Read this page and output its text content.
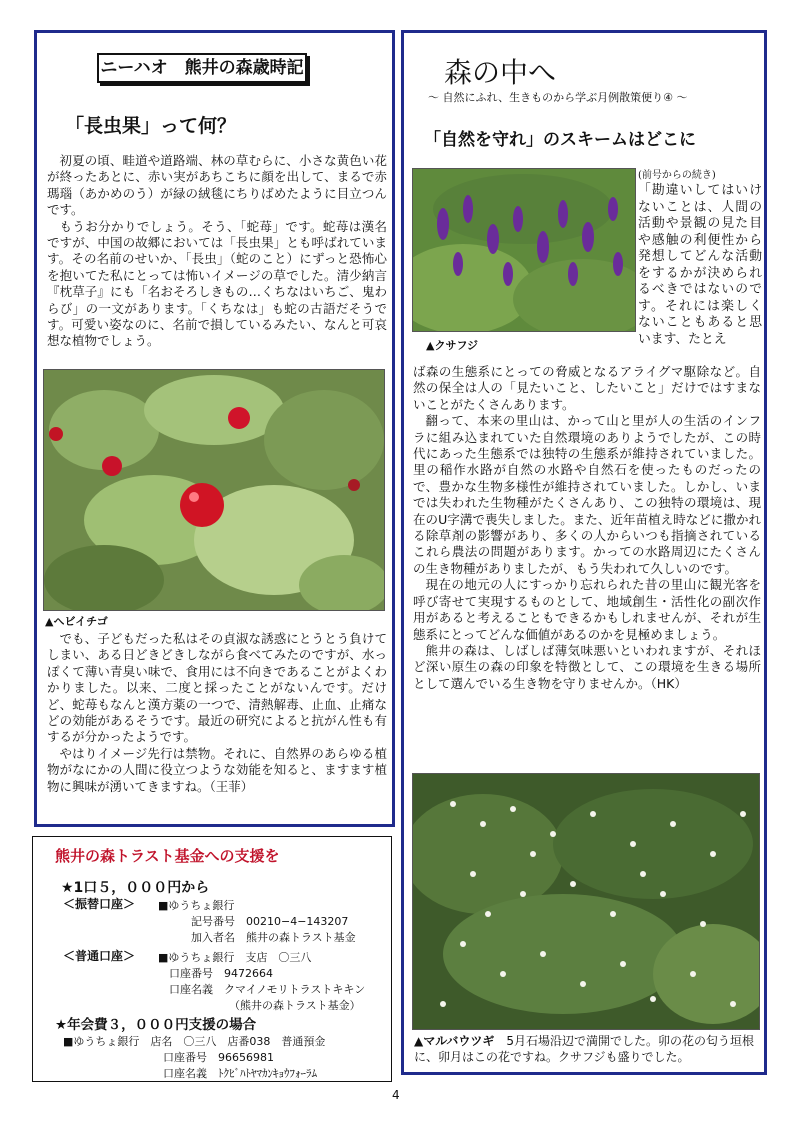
ニーハオ　熊井の森歳時記
「長虫果」って何？

初夏の頃、畦道や道路端、林の草むらに、小さな黄色い花が終ったあとに、赤い実があちこちに顔を出して、まるで赤瑪瑙（あかめのう）が緑の絨毯にちりばめたように目立つんです。

もうお分かりでしょう。そう、「蛇苺」です。蛇苺は漢名ですが、中国の故郷においては「長虫果」とも呼ばれています。その名前のせいか、「長虫」（蛇のこと）にずっと恐怖心を抱いてた私にとっては怖いイメージの草でした。清少納言『枕草子』にも「名おそろしきもの…くちなはいちご、鬼わらび」の一文があります。「くちなは」も蛇の古語だそうです。可愛い姿なのに、名前で損しているみたい、なんと可哀想な植物でしょう。

▲ヘビイチゴ

でも、子どもだった私はその貞淑な誘惑にとうとう負けてしまい、ある日どきどきしながら食べてみたのですが、水っぽくて薄い青臭い味で、食用には不向きであることがよくわかりました。以来、二度と採ったことがないんです。だけど、蛇苺もなんと漢方薬の一つで、清熱解毒、止血、止痛などの効能があるそうです。最近の研究によると抗がん性も有するが分かったようです。

やはりイメージ先行は禁物。それに、自然界のあらゆる植物がなにかの人間に役立つような効能を知ると、ますます植物に興味が湧いてきますね。（王菲）

熊井の森トラスト基金への支援を
★1口５，０００円から
＜振替口座＞ ■ゆうちょ銀行
記号番号　00210−4−143207
加入者名　熊井の森トラスト基金
＜普通口座＞ ■ゆうちょ銀行　支店　〇三八
口座番号　9472664
口座名義　クマイノモリトラストキキン
（熊井の森トラスト基金）
★年会費３，０００円支援の場合
■ゆうちょ銀行　店名　〇三八　店番038　普通預金
口座番号　96656981
口座名義　ﾄｸﾋﾞﾊﾄﾔﾏｶﾝｷｮｳﾌｫｰﾗﾑ
森の中へ
〜 自然にふれ、生きものから学ぶ月例散策便り④ 〜
「自然を守れ」のスキームはどこに
▲クサフジ
(前号からの続き)

「勘違いしてはいけないことは、人間の活動や景観の見た目や感触の利便性から発想してどんな活動をするかが決められるべきではないのです。それには楽しくないこともあると思います、たとえ

ば森の生態系にとっての脅威となるアライグマ駆除など。自然の保全は人の「見たいこと、したいこと」だけではすまないことがたくさんあります。

翻って、本来の里山は、かって山と里が人の生活のインフラに組み込まれていた自然環境のありようでしたが、この時代にあった生態系では独特の生態系が維持されていました。里の稲作水路が自然の水路や自然石を使ったものだったので、豊かな生物多様性が維持されていました。しかし、いまでは失われた生物種がたくさんあり、この独特の環境は、現在のU字溝で喪失しました。また、近年苗植え時などに撒かれる除草剤の影響があり、多くの人からいつも指摘されているこれら農法の問題があります。かっての水路周辺にたくさんの生き物種がありましたが、もう失われて久しいのです。

現在の地元の人にすっかり忘れられた昔の里山に観光客を呼び寄せて実現するものとして、地域創生・活性化の副次作用があると考えることもできるかもしれませんが、それが生態系にとってどんな価値があるのかを見極めましょう。

熊井の森は、しばしば薄気味悪いといわれますが、それほど深い原生の森の印象を特徴として、この環境を生きる場所として選んでいる生き物を守りませんか。（HK）

▲マルバウツギ　5月石場沿辺で満開でした。卯の花の匂う垣根に、卯月はこの花ですね。クサフジも盛りでした。
4
